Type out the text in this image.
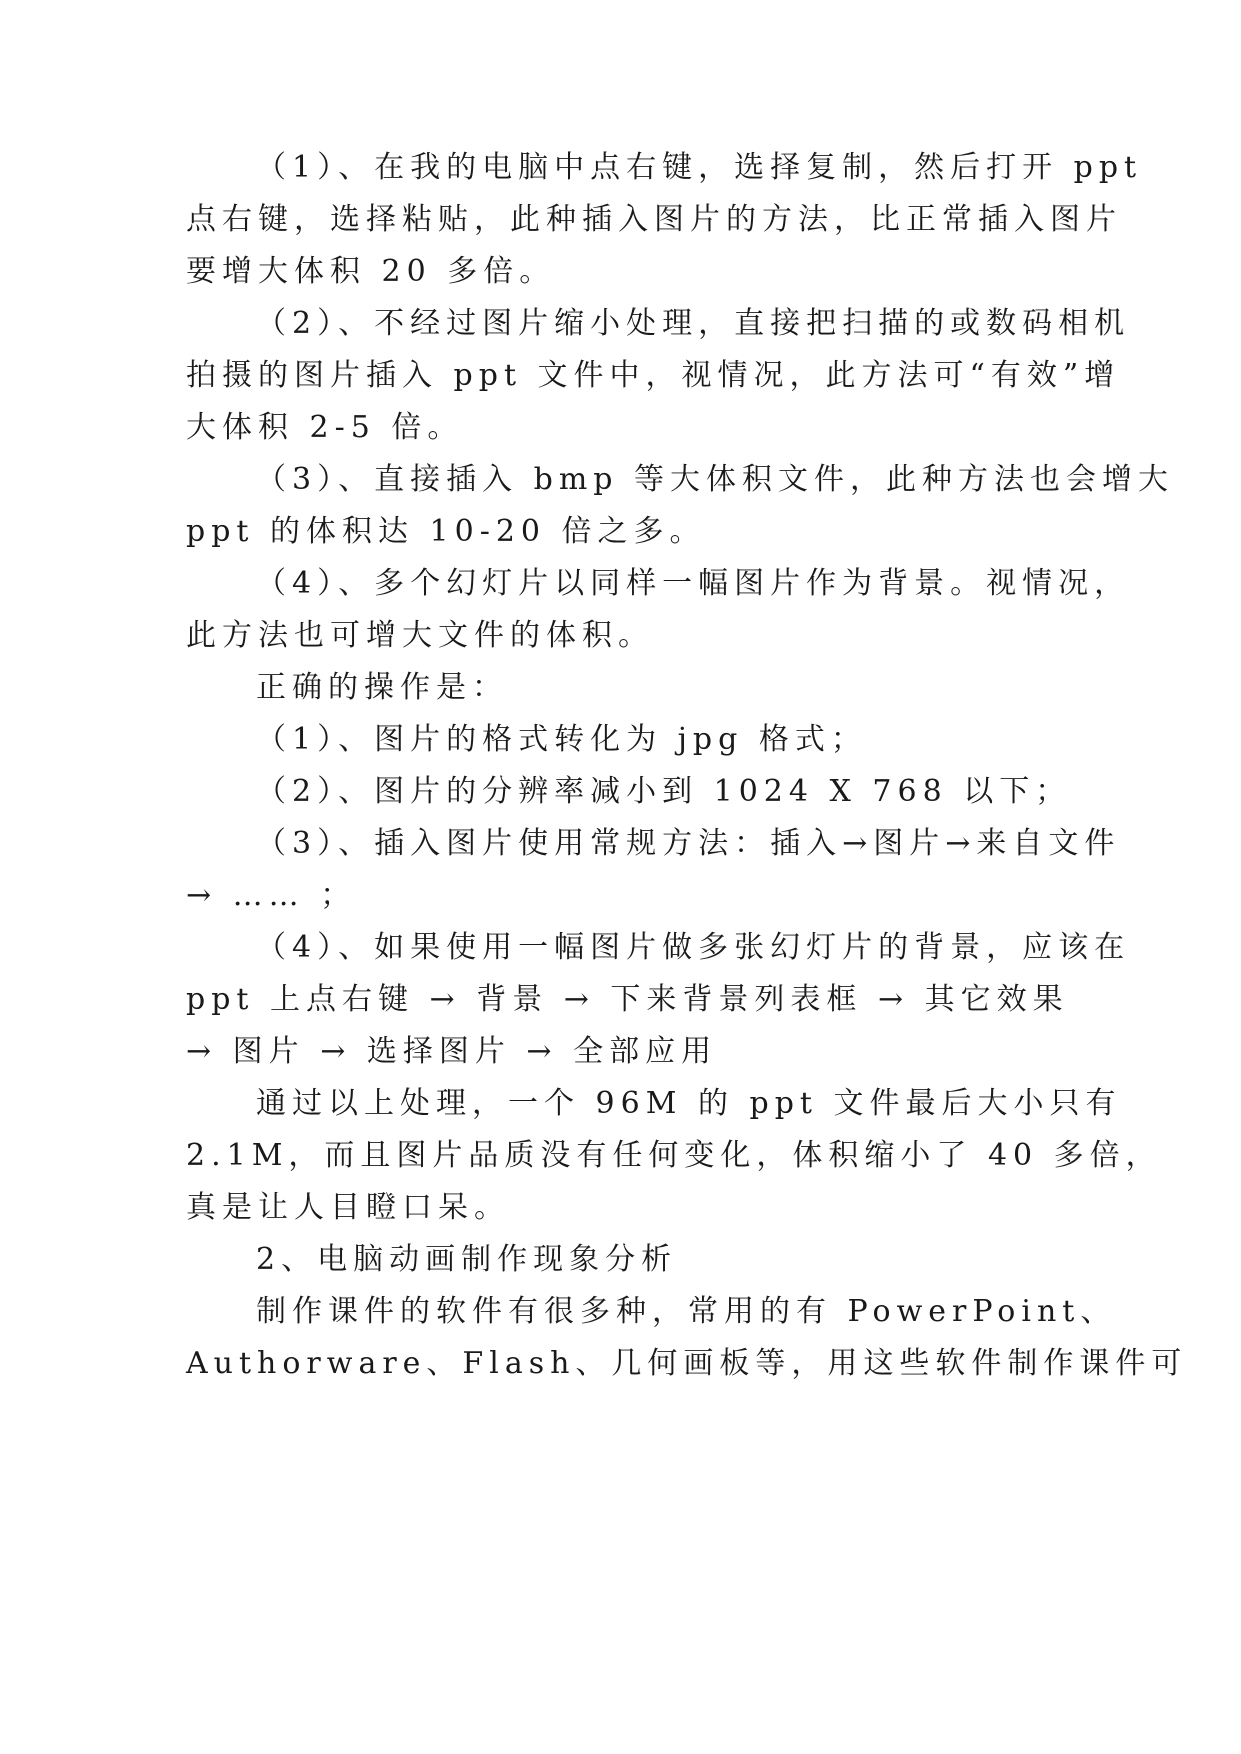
（1）、在我的电脑中点右键，选择复制，然后打开 ppt
点右键，选择粘贴，此种插入图片的方法，比正常插入图片
要增大体积 20 多倍。
（2）、不经过图片缩小处理，直接把扫描的或数码相机
拍摄的图片插入 ppt 文件中，视情况，此方法可“有效”增
大体积 2-5 倍。
（3）、直接插入 bmp 等大体积文件，此种方法也会增大
ppt 的体积达 10-20 倍之多。
（4）、多个幻灯片以同样一幅图片作为背景。视情况，
此方法也可增大文件的体积。
正确的操作是：
（1）、图片的格式转化为 jpg 格式；
（2）、图片的分辨率减小到 1024 X 768 以下；
（3）、插入图片使用常规方法：插入→图片→来自文件
→ …… ；
（4）、如果使用一幅图片做多张幻灯片的背景，应该在
ppt 上点右键 → 背景 → 下来背景列表框 → 其它效果
→ 图片 → 选择图片 → 全部应用
通过以上处理，一个 96M 的 ppt 文件最后大小只有
2.1M，而且图片品质没有任何变化，体积缩小了 40 多倍，
真是让人目瞪口呆。
2、电脑动画制作现象分析
制作课件的软件有很多种，常用的有 PowerPoint、
Authorware、Flash、几何画板等，用这些软件制作课件可
